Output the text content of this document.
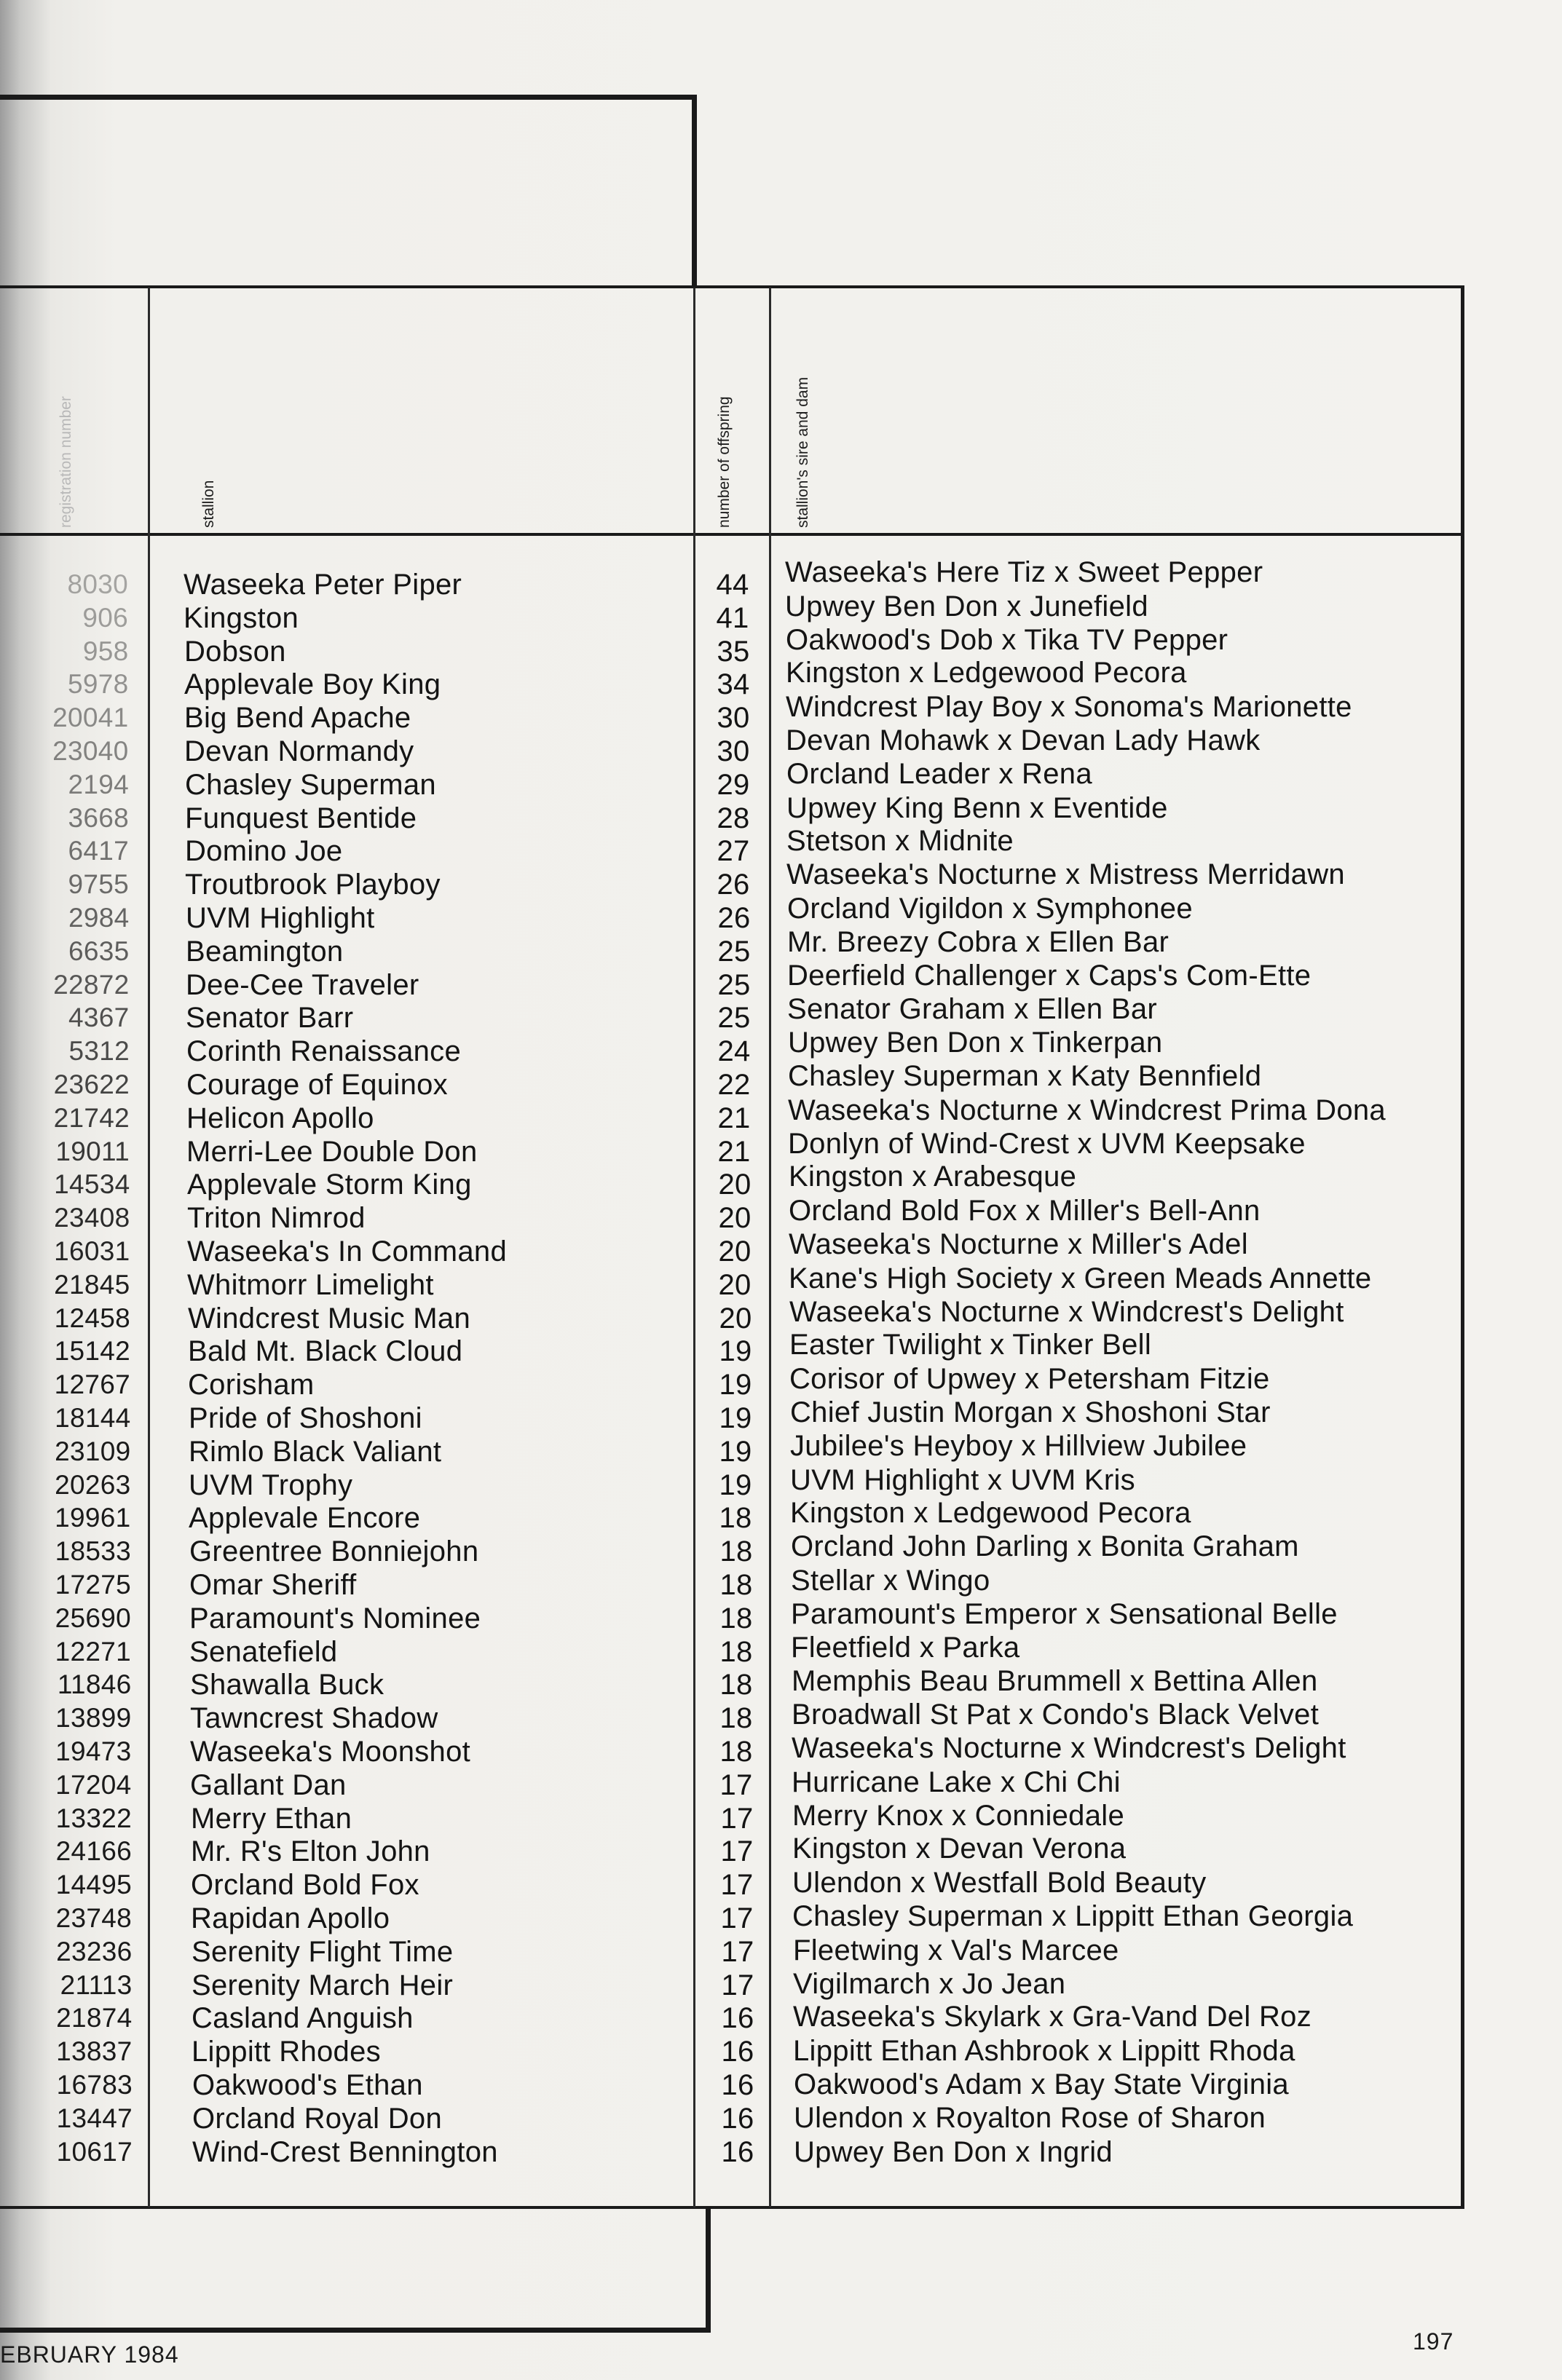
registration number	stallion	number of offspring	stallion's sire and dam
8030 Waseeka Peter Piper	44 Waseeka's Here Tiz x Sweet Pepper
906 Kingston	41 Upwey Ben Don x Junefield
958 Dobson	35 Oakwood's Dob x Tika TV Pepper
5978 Applevale Boy King	34 Kingston x Ledgewood Pecora
20041 Big Bend Apache	30 Windcrest Play Boy x Sonoma's Marionette
23040 Devan Normandy	30 Devan Mohawk x Devan Lady Hawk
2194 Chasley Superman	29 Orcland Leader x Rena
3668 Funquest Bentide	28 Upwey King Benn x Eventide
6417 Domino Joe	27 Stetson x Midnite
9755 Troutbrook Playboy	26 Waseeka's Nocturne x Mistress Merridawn
2984 UVM Highlight	26 Orcland Vigildon x Symphonee
6635 Beamington	25 Mr. Breezy Cobra x Ellen Bar
22872 Dee-Cee Traveler	25 Deerfield Challenger x Caps's Com-Ette
4367 Senator Barr	25 Senator Graham x Ellen Bar
5312 Corinth Renaissance	24 Upwey Ben Don x Tinkerpan
23622 Courage of Equinox	22 Chasley Superman x Katy Bennfield
21742 Helicon Apollo	21 Waseeka's Nocturne x Windcrest Prima Dona
19011 Merri-Lee Double Don	21 Donlyn of Wind-Crest x UVM Keepsake
14534 Applevale Storm King	20 Kingston x Arabesque
23408 Triton Nimrod	20 Orcland Bold Fox x Miller's Bell-Ann
16031 Waseeka's In Command	20 Waseeka's Nocturne x Miller's Adel
21845 Whitmorr Limelight	20 Kane's High Society x Green Meads Annette
12458 Windcrest Music Man	20 Waseeka's Nocturne x Windcrest's Delight
15142 Bald Mt. Black Cloud	19 Easter Twilight x Tinker Bell
12767 Corisham	19 Corisor of Upwey x Petersham Fitzie
18144 Pride of Shoshoni	19 Chief Justin Morgan x Shoshoni Star
23109 Rimlo Black Valiant	19 Jubilee's Heyboy x Hillview Jubilee
20263 UVM Trophy	19 UVM Highlight x UVM Kris
19961 Applevale Encore	18 Kingston x Ledgewood Pecora
18533 Greentree Bonniejohn	18 Orcland John Darling x Bonita Graham
17275 Omar Sheriff	18 Stellar x Wingo
25690 Paramount's Nominee	18 Paramount's Emperor x Sensational Belle
12271 Senatefield	18 Fleetfield x Parka
11846 Shawalla Buck	18 Memphis Beau Brummell x Bettina Allen
13899 Tawncrest Shadow	18 Broadwall St Pat x Condo's Black Velvet
19473 Waseeka's Moonshot	18 Waseeka's Nocturne x Windcrest's Delight
17204 Gallant Dan	17 Hurricane Lake x Chi Chi
13322 Merry Ethan	17 Merry Knox x Conniedale
24166 Mr. R's Elton John	17 Kingston x Devan Verona
14495 Orcland Bold Fox	17 Ulendon x Westfall Bold Beauty
23748 Rapidan Apollo	17 Chasley Superman x Lippitt Ethan Georgia
23236 Serenity Flight Time	17 Fleetwing x Val's Marcee
21113 Serenity March Heir	17 Vigilmarch x Jo Jean
21874 Casland Anguish	16 Waseeka's Skylark x Gra-Vand Del Roz
13837 Lippitt Rhodes	16 Lippitt Ethan Ashbrook x Lippitt Rhoda
16783 Oakwood's Ethan	16 Oakwood's Adam x Bay State Virginia
13447 Orcland Royal Don	16 Ulendon x Royalton Rose of Sharon
10617 Wind-Crest Bennington	16 Upwey Ben Don x Ingrid
EBRUARY 1984	197
